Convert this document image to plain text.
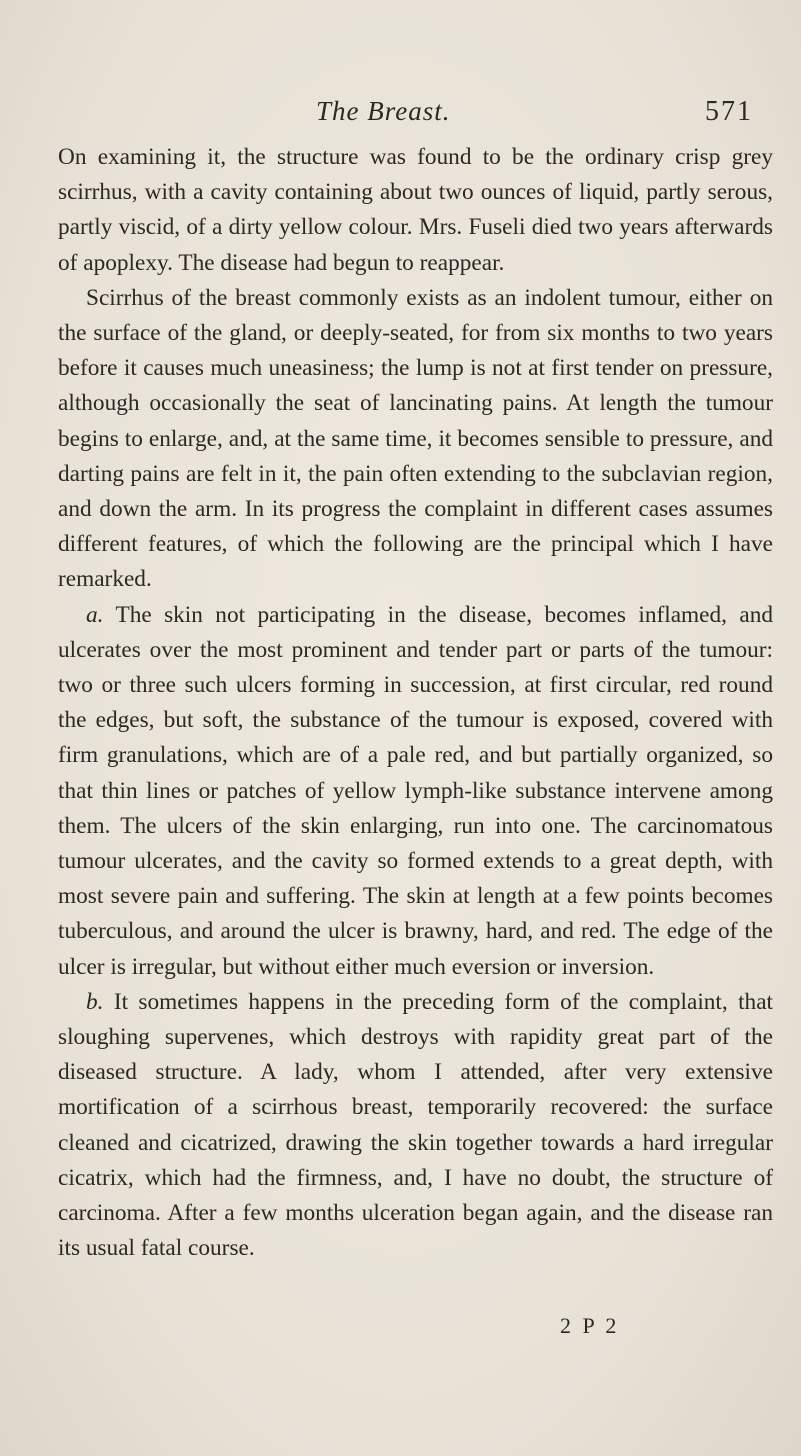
The Breast.	571

On examining it, the structure was found to be the ordinary crisp grey scirrhus, with a cavity containing about two ounces of liquid, partly serous, partly viscid, of a dirty yellow colour. Mrs. Fuseli died two years afterwards of apoplexy. The disease had begun to reappear.

Scirrhus of the breast commonly exists as an indolent tumour, either on the surface of the gland, or deeply-seated, for from six months to two years before it causes much uneasiness; the lump is not at first tender on pressure, although occasionally the seat of lancinating pains. At length the tumour begins to enlarge, and, at the same time, it becomes sensible to pressure, and darting pains are felt in it, the pain often extending to the subclavian region, and down the arm. In its progress the complaint in different cases assumes different features, of which the following are the principal which I have remarked.

a. The skin not participating in the disease, becomes inflamed, and ulcerates over the most prominent and tender part or parts of the tumour: two or three such ulcers forming in succession, at first circular, red round the edges, but soft, the substance of the tumour is exposed, covered with firm granulations, which are of a pale red, and but partially organized, so that thin lines or patches of yellow lymph-like substance intervene among them. The ulcers of the skin enlarging, run into one. The carcinomatous tumour ulcerates, and the cavity so formed extends to a great depth, with most severe pain and suffering. The skin at length at a few points becomes tuberculous, and around the ulcer is brawny, hard, and red. The edge of the ulcer is irregular, but without either much eversion or inversion.

b. It sometimes happens in the preceding form of the complaint, that sloughing supervenes, which destroys with rapidity great part of the diseased structure. A lady, whom I attended, after very extensive mortification of a scirrhous breast, temporarily recovered: the surface cleaned and cicatrized, drawing the skin together towards a hard irregular cicatrix, which had the firmness, and, I have no doubt, the structure of carcinoma. After a few months ulceration began again, and the disease ran its usual fatal course.

2 P 2
